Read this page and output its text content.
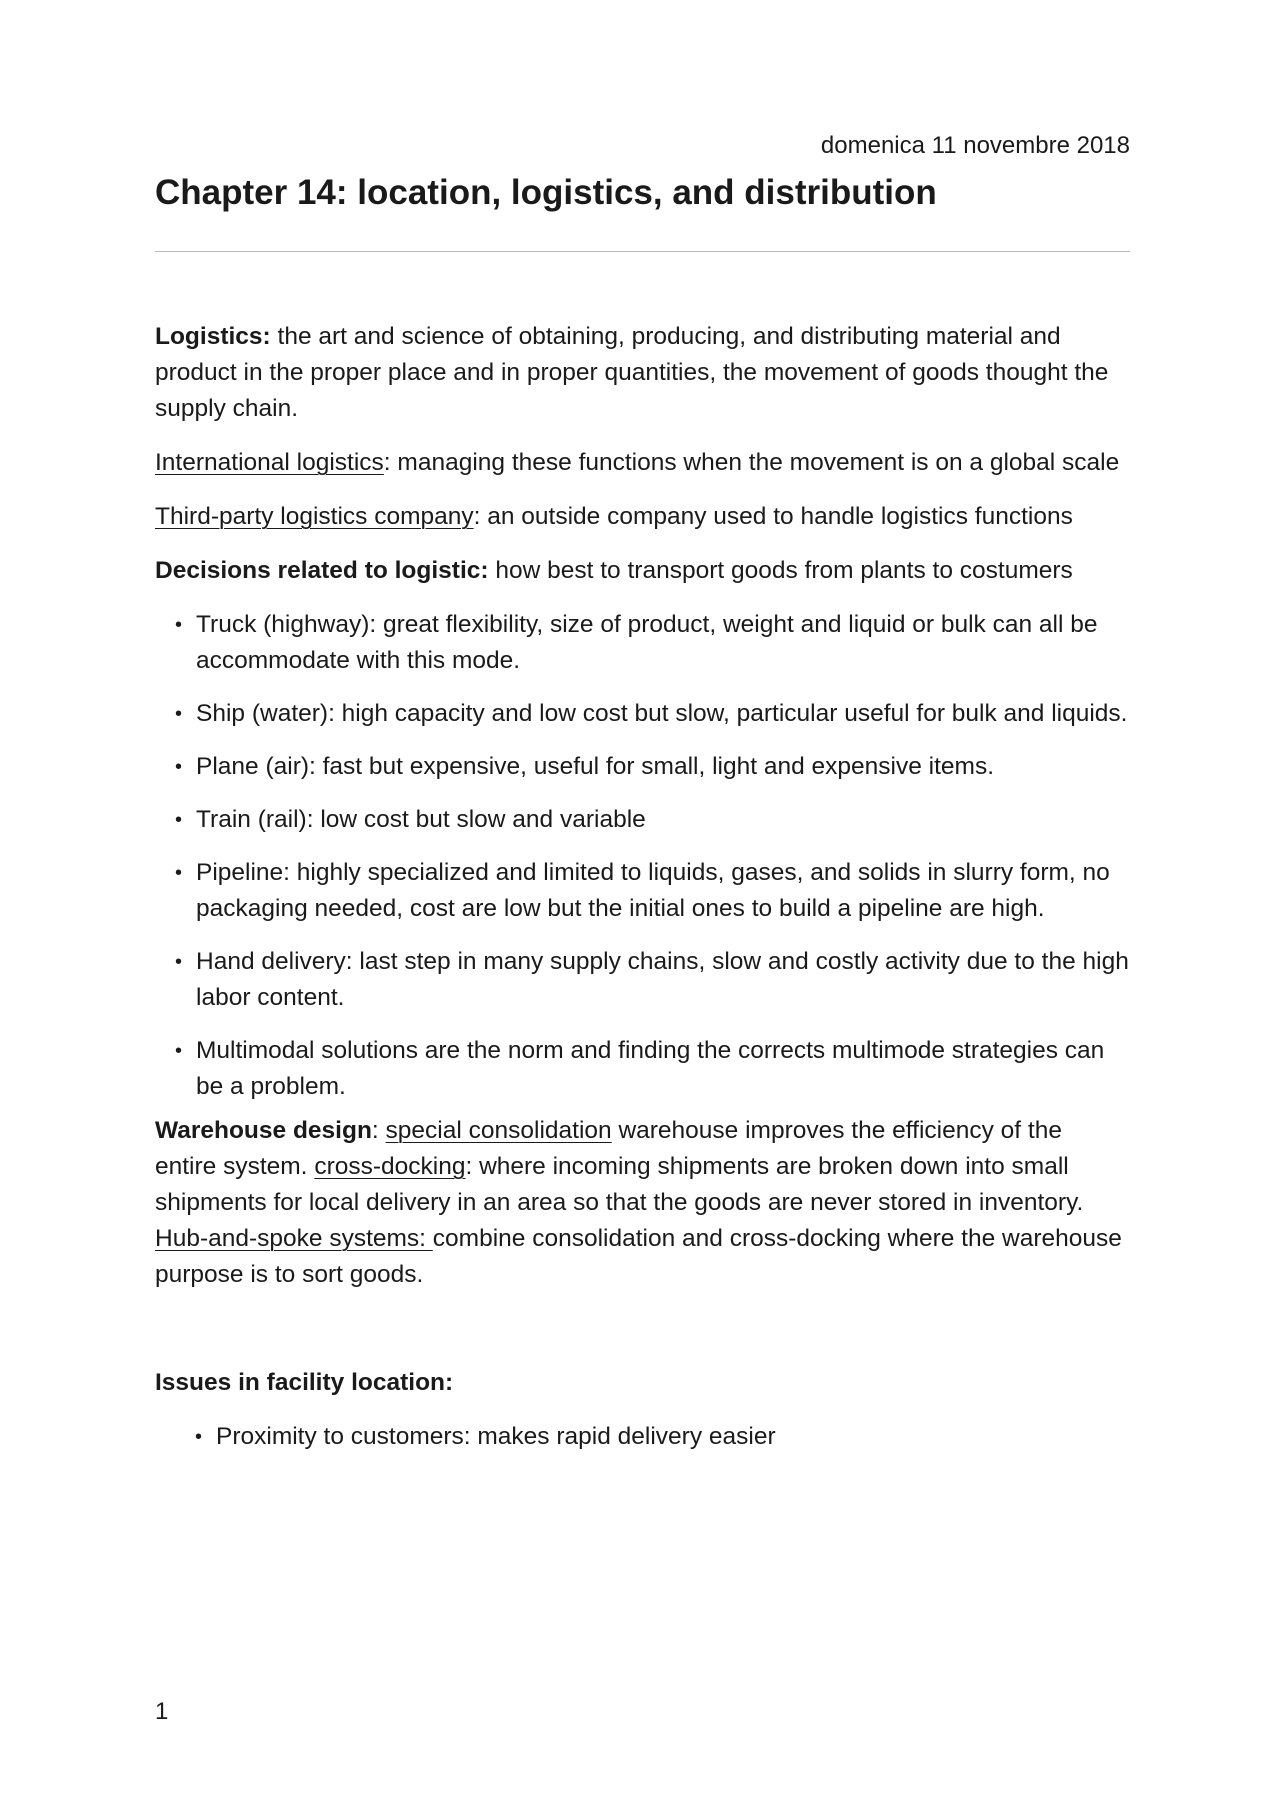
domenica 11 novembre 2018
Chapter 14: location, logistics, and distribution

Logistics: the art and science of obtaining, producing, and distributing material and product in the proper place and in proper quantities, the movement of goods thought the supply chain.

International logistics: managing these functions when the movement is on a global scale

Third-party logistics company: an outside company used to handle logistics functions

Decisions related to logistic: how best to transport goods from plants to costumers

• Truck (highway): great flexibility, size of product, weight and liquid or bulk can all be accommodate with this mode.
• Ship (water): high capacity and low cost but slow, particular useful for bulk and liquids.
• Plane (air): fast but expensive, useful for small, light and expensive items.
• Train (rail): low cost but slow and variable
• Pipeline: highly specialized and limited to liquids, gases, and solids in slurry form, no packaging needed, cost are low but the initial ones to build a pipeline are high.
• Hand delivery: last step in many supply chains, slow and costly activity due to the high labor content.
• Multimodal solutions are the norm and finding the corrects multimode strategies can be a problem.

Warehouse design: special consolidation warehouse improves the efficiency of the entire system. cross-docking: where incoming shipments are broken down into small shipments for local delivery in an area so that the goods are never stored in inventory. Hub-and-spoke systems: combine consolidation and cross-docking where the warehouse purpose is to sort goods.

Issues in facility location:

• Proximity to customers: makes rapid delivery easier
1
